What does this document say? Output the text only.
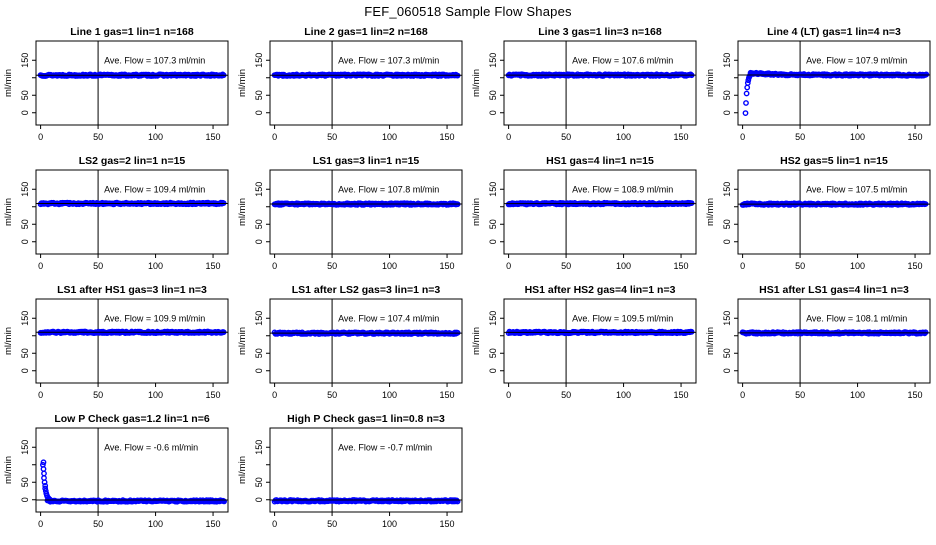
FEF_060518 Sample Flow Shapes
Line 1 gas=1 lin=1 n=168
0	50	100	150
0
50
150
ml/min
Ave. Flow = 107.3 ml/min
Line 2 gas=1 lin=2 n=168
0	50	100	150
0
50
150
ml/min
Ave. Flow = 107.3 ml/min
Line 3 gas=1 lin=3 n=168
0	50	100	150
0
50
150
ml/min
Ave. Flow = 107.6 ml/min
Line 4 (LT) gas=1 lin=4 n=3
0	50	100	150
0
50
150
ml/min
Ave. Flow = 107.9 ml/min
LS2 gas=2 lin=1 n=15
0	50	100	150
0
50
150
ml/min
Ave. Flow = 109.4 ml/min
LS1 gas=3 lin=1 n=15
0	50	100	150
0
50
150
ml/min
Ave. Flow = 107.8 ml/min
HS1 gas=4 lin=1 n=15
0	50	100	150
0
50
150
ml/min
Ave. Flow = 108.9 ml/min
HS2 gas=5 lin=1 n=15
0	50	100	150
0
50
150
ml/min
Ave. Flow = 107.5 ml/min
LS1 after HS1 gas=3 lin=1 n=3
0	50	100	150
0
50
150
ml/min
Ave. Flow = 109.9 ml/min
LS1 after LS2 gas=3 lin=1 n=3
0	50	100	150
0
50
150
ml/min
Ave. Flow = 107.4 ml/min
HS1 after HS2 gas=4 lin=1 n=3
0	50	100	150
0
50
150
ml/min
Ave. Flow = 109.5 ml/min
HS1 after LS1 gas=4 lin=1 n=3
0	50	100	150
0
50
150
ml/min
Ave. Flow = 108.1 ml/min
Low P Check gas=1.2 lin=1 n=6
0	50	100	150
0
50
150
ml/min
Ave. Flow = -0.6 ml/min
High P Check gas=1 lin=0.8 n=3
0	50	100	150
0
50
150
ml/min
Ave. Flow = -0.7 ml/min
